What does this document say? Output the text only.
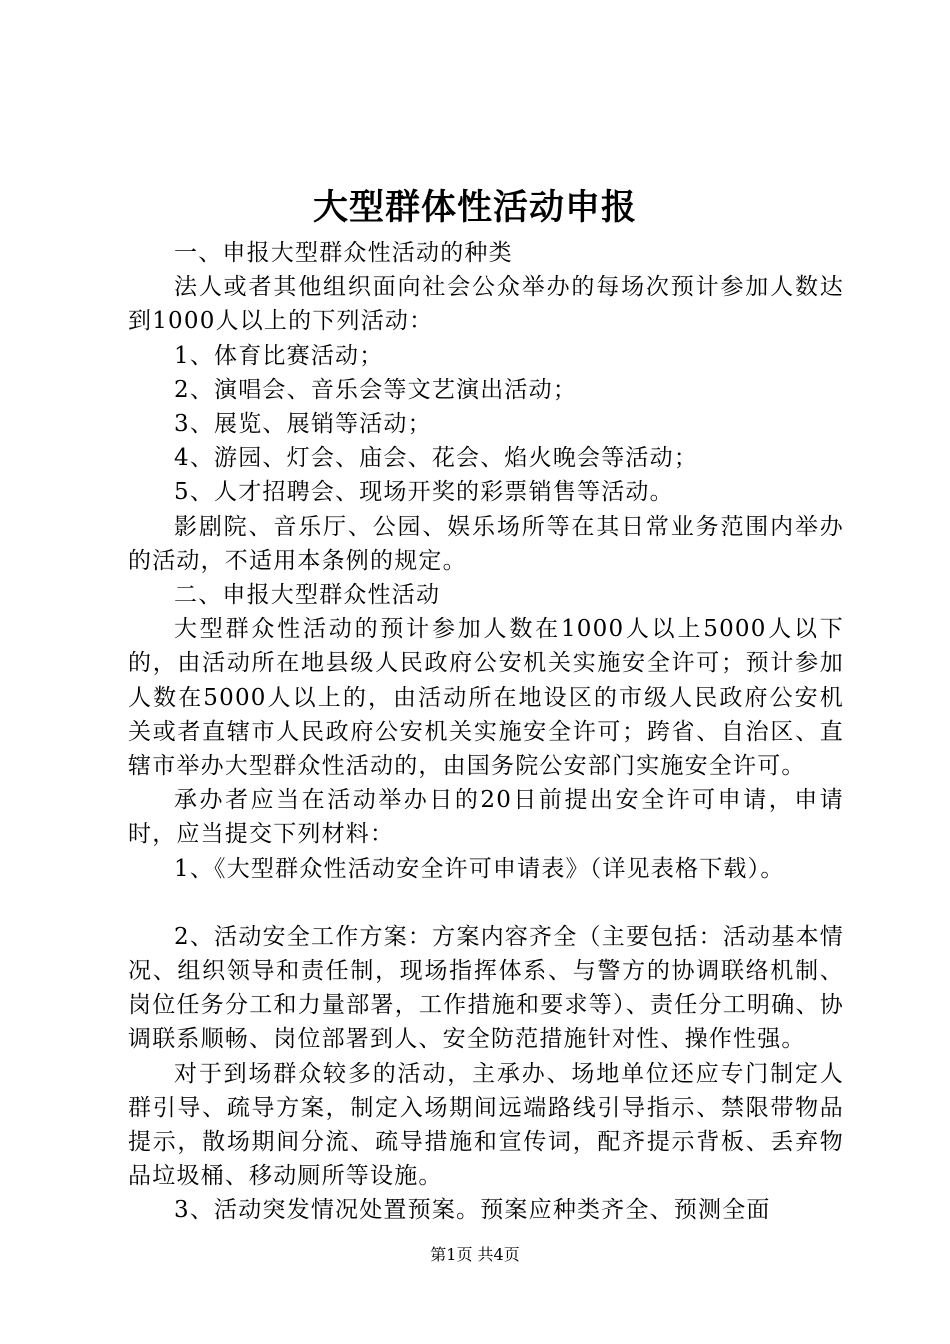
大型群体性活动申报

一、申报大型群众性活动的种类

法人或者其他组织面向社会公众举办的每场次预计参加人数达到1000人以上的下列活动：

1、体育比赛活动；

2、演唱会、音乐会等文艺演出活动；

3、展览、展销等活动；

4、游园、灯会、庙会、花会、焰火晚会等活动；

5、人才招聘会、现场开奖的彩票销售等活动。

影剧院、音乐厅、公园、娱乐场所等在其日常业务范围内举办的活动，不适用本条例的规定。

二、申报大型群众性活动

大型群众性活动的预计参加人数在1000人以上5000人以下的，由活动所在地县级人民政府公安机关实施安全许可；预计参加人数在5000人以上的，由活动所在地设区的市级人民政府公安机关或者直辖市人民政府公安机关实施安全许可；跨省、自治区、直辖市举办大型群众性活动的，由国务院公安部门实施安全许可。

承办者应当在活动举办日的20日前提出安全许可申请，申请时，应当提交下列材料：

1、《大型群众性活动安全许可申请表》（详见表格下载）。

2、活动安全工作方案：方案内容齐全（主要包括：活动基本情况、组织领导和责任制，现场指挥体系、与警方的协调联络机制、岗位任务分工和力量部署，工作措施和要求等）、责任分工明确、协调联系顺畅、岗位部署到人、安全防范措施针对性、操作性强。

对于到场群众较多的活动，主承办、场地单位还应专门制定人群引导、疏导方案，制定入场期间远端路线引导指示、禁限带物品提示，散场期间分流、疏导措施和宣传词，配齐提示背板、丢弃物品垃圾桶、移动厕所等设施。

3、活动突发情况处置预案。预案应种类齐全、预测全面

第1页 共4页
